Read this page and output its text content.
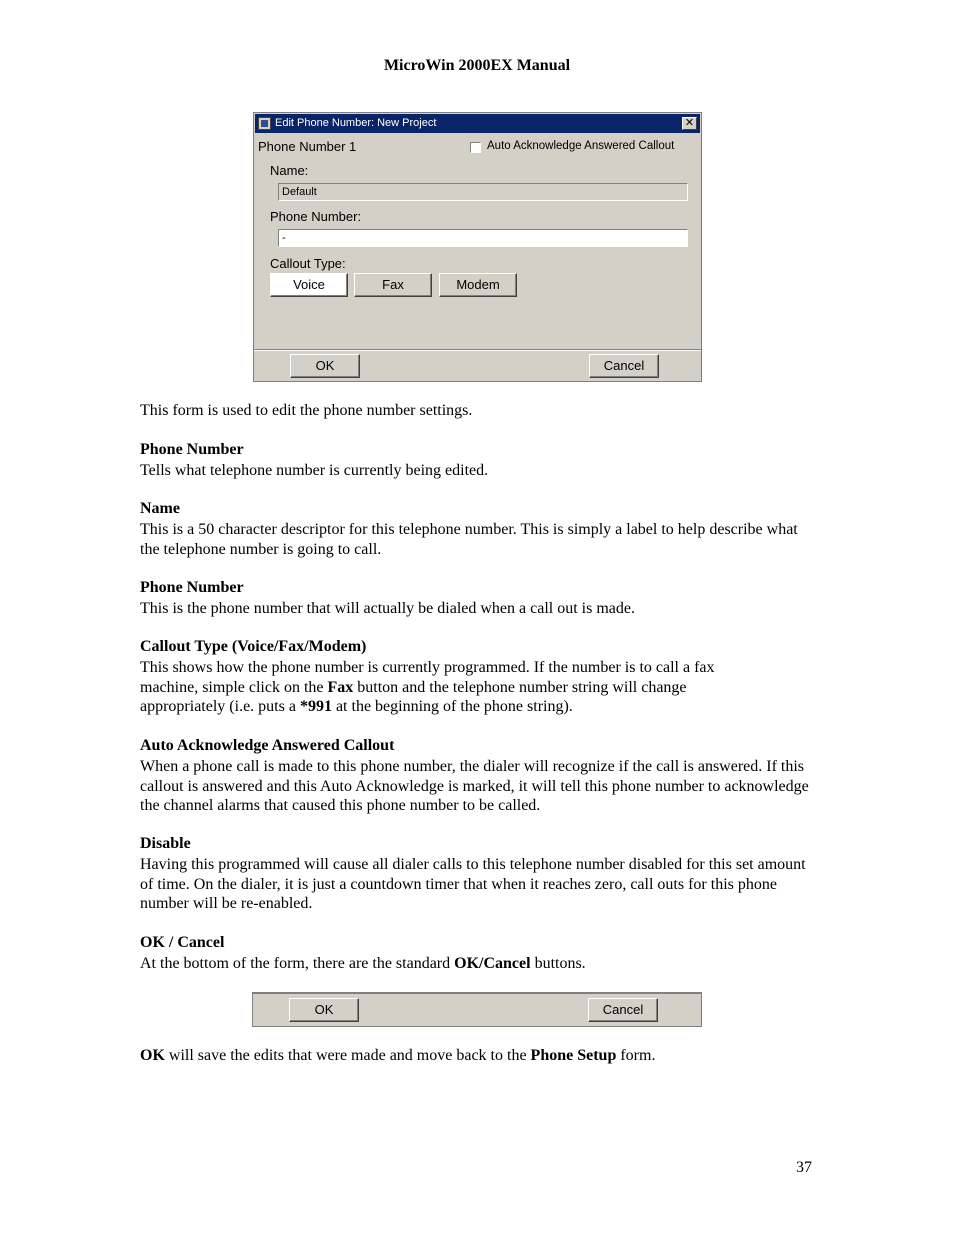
MicroWin 2000EX Manual
Edit Phone Number: New Project	✕
Phone Number 1	Auto Acknowledge Answered Callout
Name:
Default
Phone Number:
-
Callout Type:
Voice	Fax	Modem
OK	Cancel
This form is used to edit the phone number settings.
Phone Number
Tells what telephone number is currently being edited.
Name
This is a 50 character descriptor for this telephone number. This is simply a label to help describe what the telephone number is going to call.
Phone Number
This is the phone number that will actually be dialed when a call out is made.
Callout Type (Voice/Fax/Modem)
This shows how the phone number is currently programmed. If the number is to call a fax machine, simple click on the Fax button and the telephone number string will change appropriately (i.e. puts a *991 at the beginning of the phone string).
Auto Acknowledge Answered Callout
When a phone call is made to this phone number, the dialer will recognize if the call is answered. If this callout is answered and this Auto Acknowledge is marked, it will tell this phone number to acknowledge the channel alarms that caused this phone number to be called.
Disable
Having this programmed will cause all dialer calls to this telephone number disabled for this set amount of time. On the dialer, it is just a countdown timer that when it reaches zero, call outs for this phone number will be re-enabled.
OK / Cancel
At the bottom of the form, there are the standard OK/Cancel buttons.
OK	Cancel
OK will save the edits that were made and move back to the Phone Setup form.
37
